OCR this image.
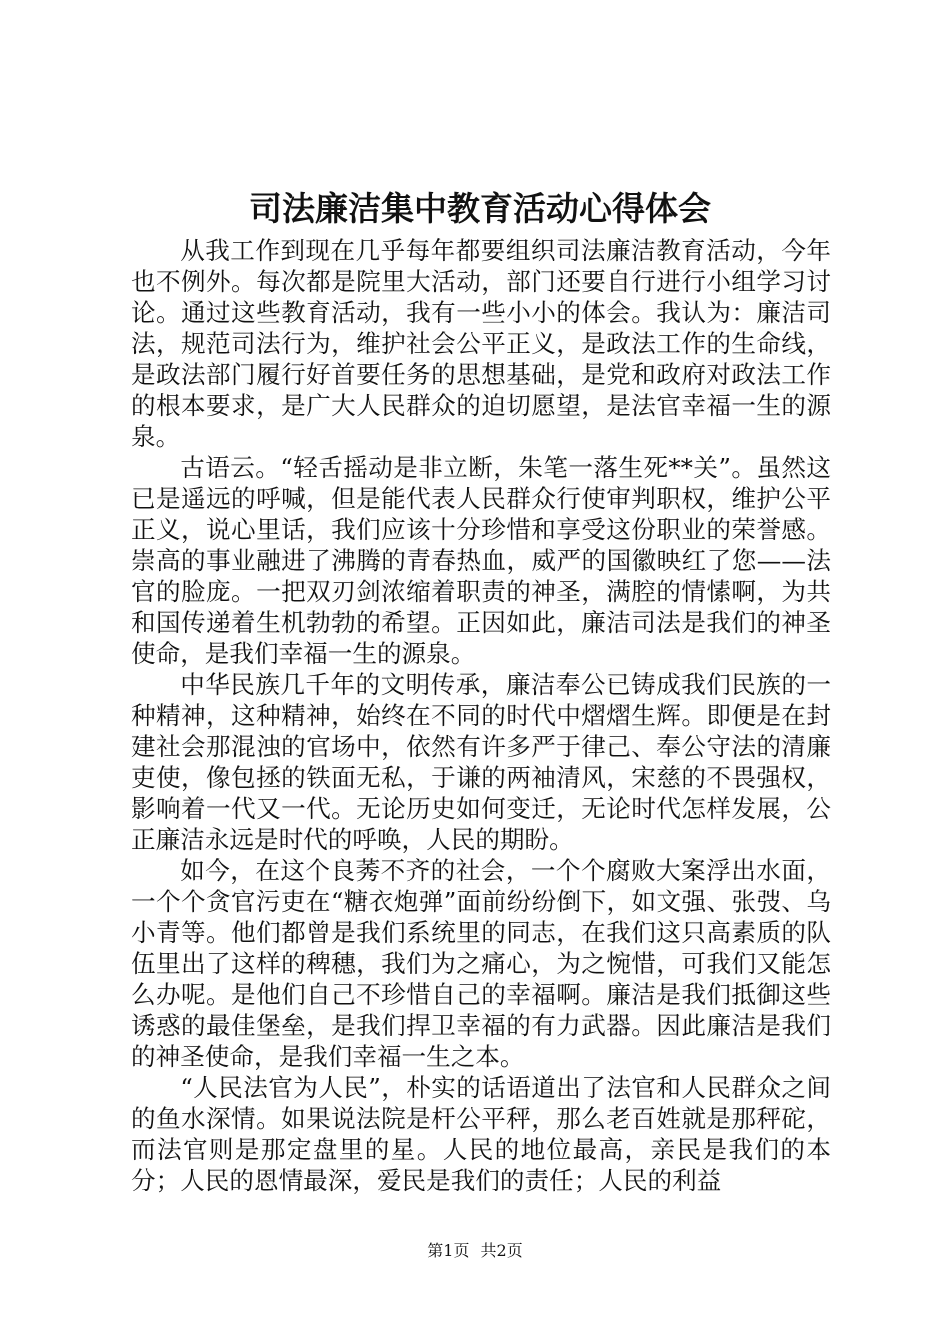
司法廉洁集中教育活动心得体会

从我工作到现在几乎每年都要组织司法廉洁教育活动，今年也不例外。每次都是院里大活动，部门还要自行进行小组学习讨论。通过这些教育活动，我有一些小小的体会。我认为：廉洁司法，规范司法行为，维护社会公平正义，是政法工作的生命线，是政法部门履行好首要任务的思想基础，是党和政府对政法工作的根本要求，是广大人民群众的迫切愿望，是法官幸福一生的源泉。

古语云。“轻舌摇动是非立断，朱笔一落生死**关”。虽然这已是遥远的呼喊，但是能代表人民群众行使审判职权，维护公平正义，说心里话，我们应该十分珍惜和享受这份职业的荣誉感。崇高的事业融进了沸腾的青春热血，威严的国徽映红了您——法官的脸庞。一把双刃剑浓缩着职责的神圣，满腔的情愫啊，为共和国传递着生机勃勃的希望。正因如此，廉洁司法是我们的神圣使命，是我们幸福一生的源泉。

中华民族几千年的文明传承，廉洁奉公已铸成我们民族的一种精神，这种精神，始终在不同的时代中熠熠生辉。即便是在封建社会那混浊的官场中，依然有许多严于律己、奉公守法的清廉吏使，像包拯的铁面无私，于谦的两袖清风，宋慈的不畏强权，影响着一代又一代。无论历史如何变迁，无论时代怎样发展，公正廉洁永远是时代的呼唤，人民的期盼。

如今，在这个良莠不齐的社会，一个个腐败大案浮出水面，一个个贪官污吏在“糖衣炮弹”面前纷纷倒下，如文强、张弢、乌小青等。他们都曾是我们系统里的同志，在我们这只高素质的队伍里出了这样的稗穗，我们为之痛心，为之惋惜，可我们又能怎么办呢。是他们自己不珍惜自己的幸福啊。廉洁是我们抵御这些诱惑的最佳堡垒，是我们捍卫幸福的有力武器。因此廉洁是我们的神圣使命，是我们幸福一生之本。

“人民法官为人民”，朴实的话语道出了法官和人民群众之间的鱼水深情。如果说法院是杆公平秤，那么老百姓就是那秤砣，而法官则是那定盘里的星。人民的地位最高，亲民是我们的本分；人民的恩情最深，爱民是我们的责任；人民的利益

第1页 共2页
